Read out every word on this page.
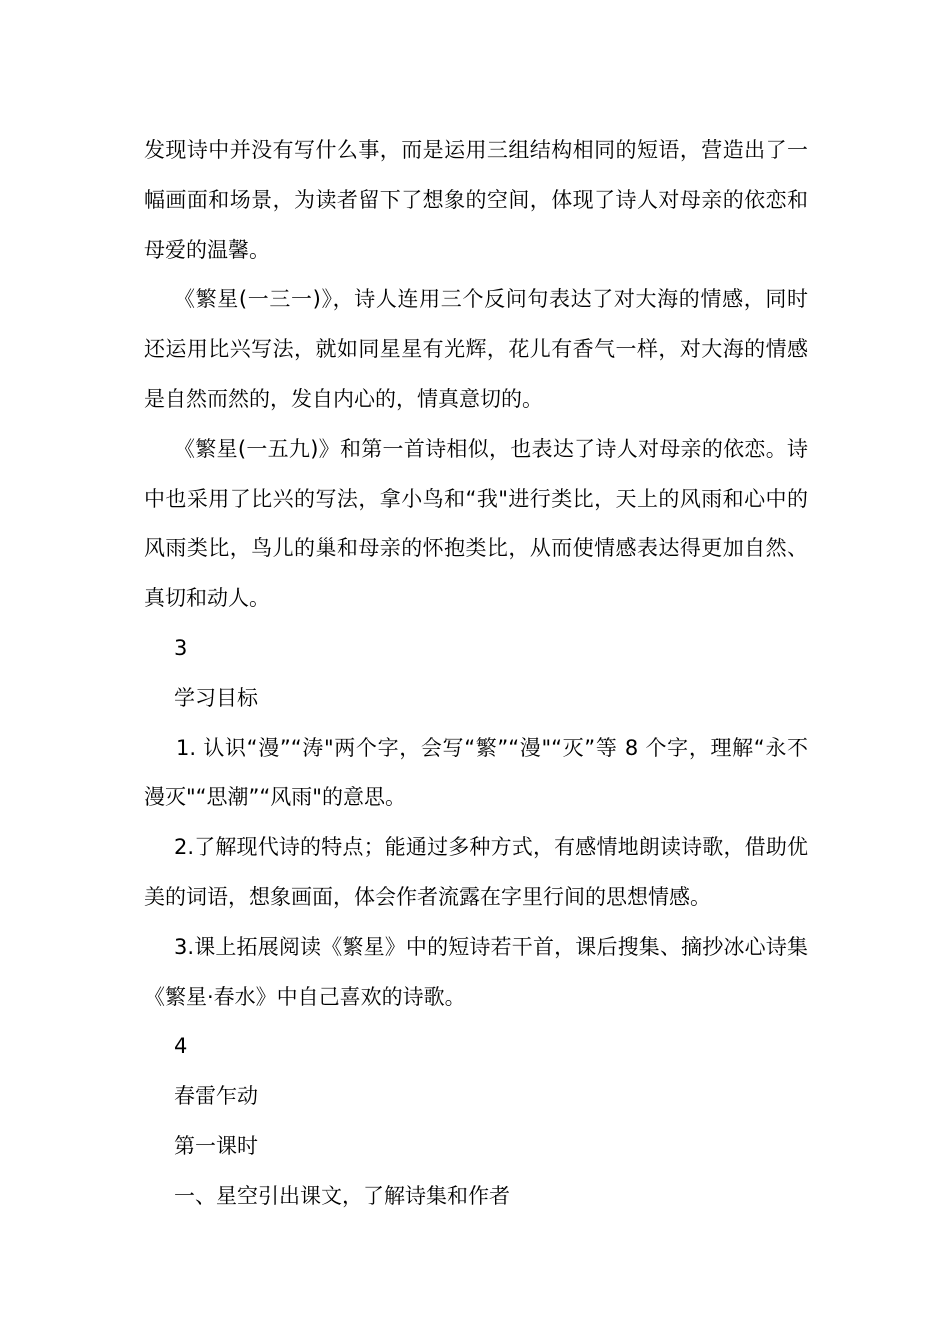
发现诗中并没有写什么事，而是运用三组结构相同的短语，营造出了一幅画面和场景，为读者留下了想象的空间，体现了诗人对母亲的依恋和母爱的温馨。

《繁星(一三一)》，诗人连用三个反问句表达了对大海的情感，同时还运用比兴写法，就如同星星有光辉，花儿有香气一样，对大海的情感是自然而然的，发自内心的，情真意切的。

《繁星(一五九)》和第一首诗相似，也表达了诗人对母亲的依恋。诗中也采用了比兴的写法，拿小鸟和“我"进行类比，天上的风雨和心中的风雨类比，鸟儿的巢和母亲的怀抱类比，从而使情感表达得更加自然、真切和动人。

3

学习目标

1. 认识“漫”“涛"两个字，会写“繁”“漫"“灭”等 8 个字，理解“永不漫灭"“思潮”“风雨"的意思。

2.了解现代诗的特点；能通过多种方式，有感情地朗读诗歌，借助优美的词语，想象画面，体会作者流露在字里行间的思想情感。

3.课上拓展阅读《繁星》中的短诗若干首，课后搜集、摘抄冰心诗集《繁星·春水》中自己喜欢的诗歌。

4

春雷乍动

第一课时

一、星空引出课文，了解诗集和作者
